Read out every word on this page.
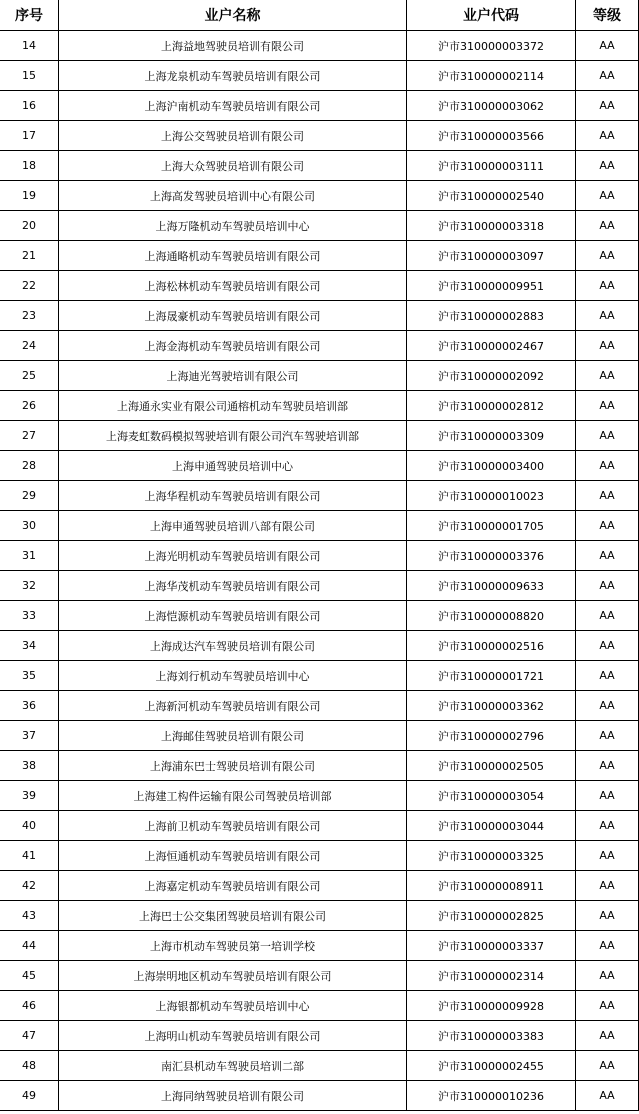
序号	业户名称	业户代码	等级
14	上海益地驾驶员培训有限公司	沪市310000003372	AA
15	上海龙泉机动车驾驶员培训有限公司	沪市310000002114	AA
16	上海沪南机动车驾驶员培训有限公司	沪市310000003062	AA
17	上海公交驾驶员培训有限公司	沪市310000003566	AA
18	上海大众驾驶员培训有限公司	沪市310000003111	AA
19	上海高发驾驶员培训中心有限公司	沪市310000002540	AA
20	上海万隆机动车驾驶员培训中心	沪市310000003318	AA
21	上海通略机动车驾驶员培训有限公司	沪市310000003097	AA
22	上海松林机动车驾驶员培训有限公司	沪市310000009951	AA
23	上海晟豪机动车驾驶员培训有限公司	沪市310000002883	AA
24	上海金海机动车驾驶员培训有限公司	沪市310000002467	AA
25	上海迪光驾驶培训有限公司	沪市310000002092	AA
26	上海通永实业有限公司通榕机动车驾驶员培训部	沪市310000002812	AA
27	上海麦虹数码模拟驾驶培训有限公司汽车驾驶培训部	沪市310000003309	AA
28	上海申通驾驶员培训中心	沪市310000003400	AA
29	上海华程机动车驾驶员培训有限公司	沪市310000010023	AA
30	上海申通驾驶员培训八部有限公司	沪市310000001705	AA
31	上海光明机动车驾驶员培训有限公司	沪市310000003376	AA
32	上海华茂机动车驾驶员培训有限公司	沪市310000009633	AA
33	上海恺源机动车驾驶员培训有限公司	沪市310000008820	AA
34	上海成达汽车驾驶员培训有限公司	沪市310000002516	AA
35	上海刘行机动车驾驶员培训中心	沪市310000001721	AA
36	上海新河机动车驾驶员培训有限公司	沪市310000003362	AA
37	上海邮佳驾驶员培训有限公司	沪市310000002796	AA
38	上海浦东巴士驾驶员培训有限公司	沪市310000002505	AA
39	上海建工构件运输有限公司驾驶员培训部	沪市310000003054	AA
40	上海前卫机动车驾驶员培训有限公司	沪市310000003044	AA
41	上海恒通机动车驾驶员培训有限公司	沪市310000003325	AA
42	上海嘉定机动车驾驶员培训有限公司	沪市310000008911	AA
43	上海巴士公交集团驾驶员培训有限公司	沪市310000002825	AA
44	上海市机动车驾驶员第一培训学校	沪市310000003337	AA
45	上海崇明地区机动车驾驶员培训有限公司	沪市310000002314	AA
46	上海银都机动车驾驶员培训中心	沪市310000009928	AA
47	上海明山机动车驾驶员培训有限公司	沪市310000003383	AA
48	南汇县机动车驾驶员培训二部	沪市310000002455	AA
49	上海同纳驾驶员培训有限公司	沪市310000010236	AA
